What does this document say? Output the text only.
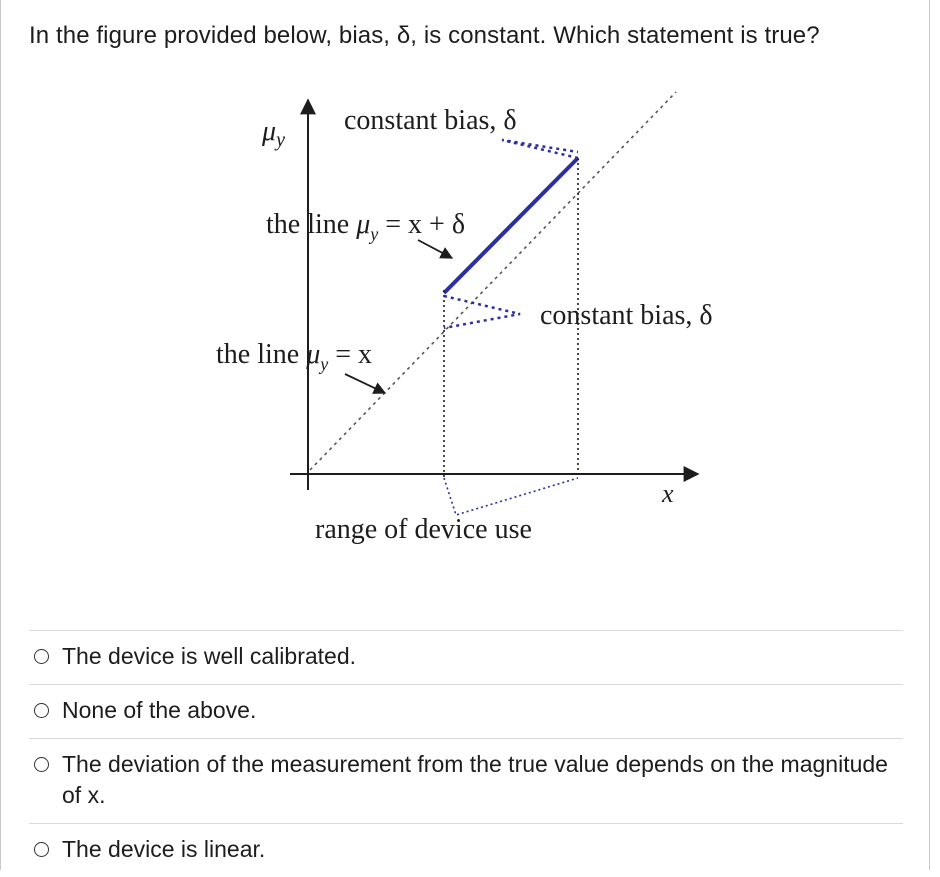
In the figure provided below, bias, δ, is constant. Which statement is true?
$\mu_y$
constant bias, δ
the line $\mu_y = x + \delta$
constant bias, δ
the line $\mu_y = x$
x
range of device use
The device is well calibrated.
None of the above.
The deviation of the measurement from the true value depends on the magnitude of x.
The device is linear.
